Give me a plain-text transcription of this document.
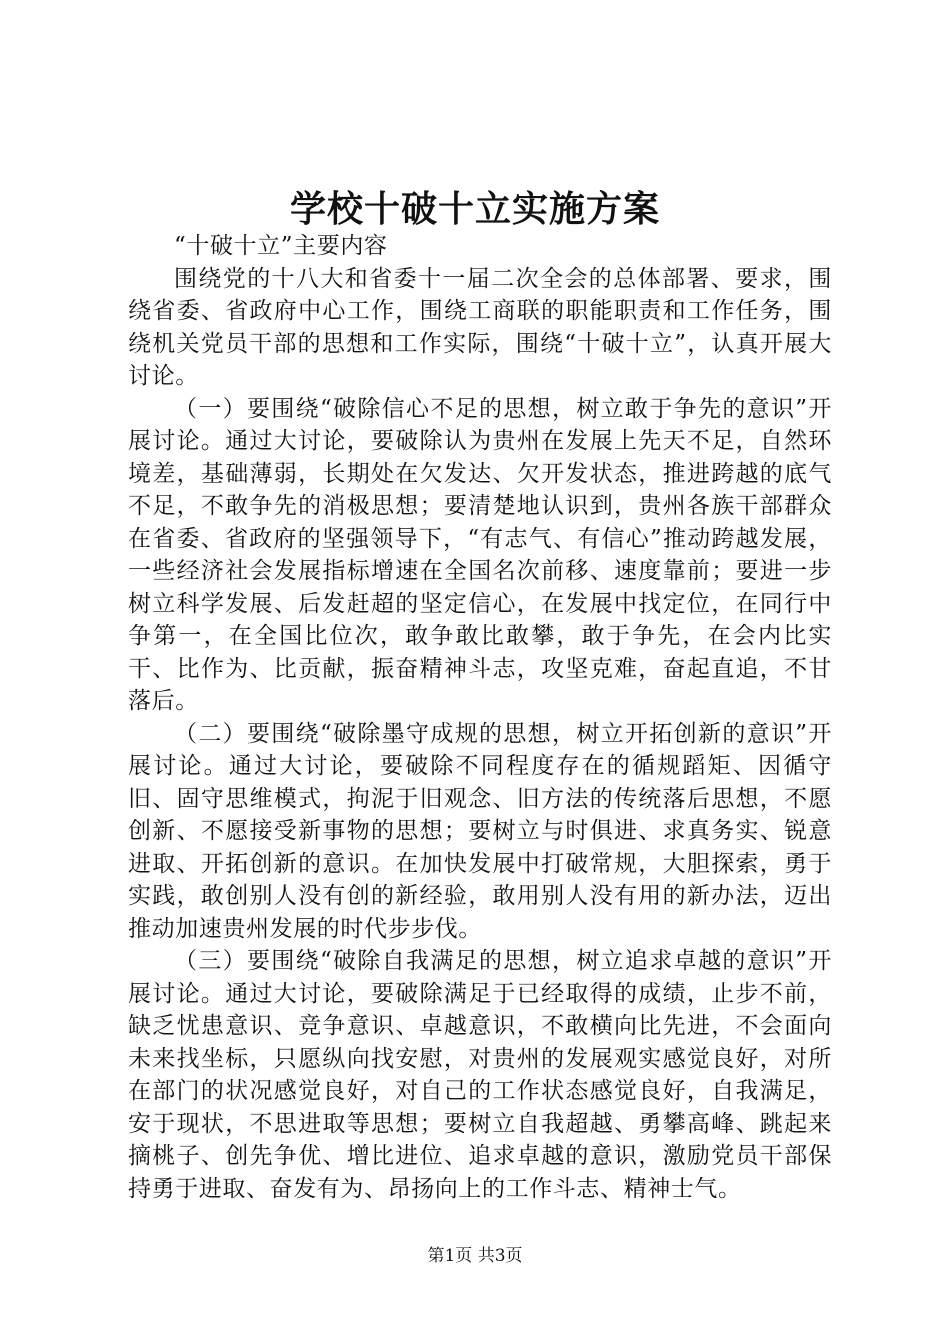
学校十破十立实施方案

“十破十立”主要内容

围绕党的十八大和省委十一届二次全会的总体部署、要求，围绕省委、省政府中心工作，围绕工商联的职能职责和工作任务，围绕机关党员干部的思想和工作实际，围绕“十破十立”，认真开展大讨论。

（一）要围绕“破除信心不足的思想，树立敢于争先的意识”开展讨论。通过大讨论，要破除认为贵州在发展上先天不足，自然环境差，基础薄弱，长期处在欠发达、欠开发状态，推进跨越的底气不足，不敢争先的消极思想；要清楚地认识到，贵州各族干部群众在省委、省政府的坚强领导下，“有志气、有信心”推动跨越发展，一些经济社会发展指标增速在全国名次前移、速度靠前；要进一步树立科学发展、后发赶超的坚定信心，在发展中找定位，在同行中争第一，在全国比位次，敢争敢比敢攀，敢于争先，在会内比实干、比作为、比贡献，振奋精神斗志，攻坚克难，奋起直追，不甘落后。

（二）要围绕“破除墨守成规的思想，树立开拓创新的意识”开展讨论。通过大讨论，要破除不同程度存在的循规蹈矩、因循守旧、固守思维模式，拘泥于旧观念、旧方法的传统落后思想，不愿创新、不愿接受新事物的思想；要树立与时俱进、求真务实、锐意进取、开拓创新的意识。在加快发展中打破常规，大胆探索，勇于实践，敢创别人没有创的新经验，敢用别人没有用的新办法，迈出推动加速贵州发展的时代步步伐。

（三）要围绕“破除自我满足的思想，树立追求卓越的意识”开展讨论。通过大讨论，要破除满足于已经取得的成绩，止步不前，缺乏忧患意识、竞争意识、卓越意识，不敢横向比先进，不会面向未来找坐标，只愿纵向找安慰，对贵州的发展观实感觉良好，对所在部门的状况感觉良好，对自己的工作状态感觉良好，自我满足，安于现状，不思进取等思想；要树立自我超越、勇攀高峰、跳起来摘桃子、创先争优、增比进位、追求卓越的意识，激励党员干部保持勇于进取、奋发有为、昂扬向上的工作斗志、精神士气。

第1页 共3页
